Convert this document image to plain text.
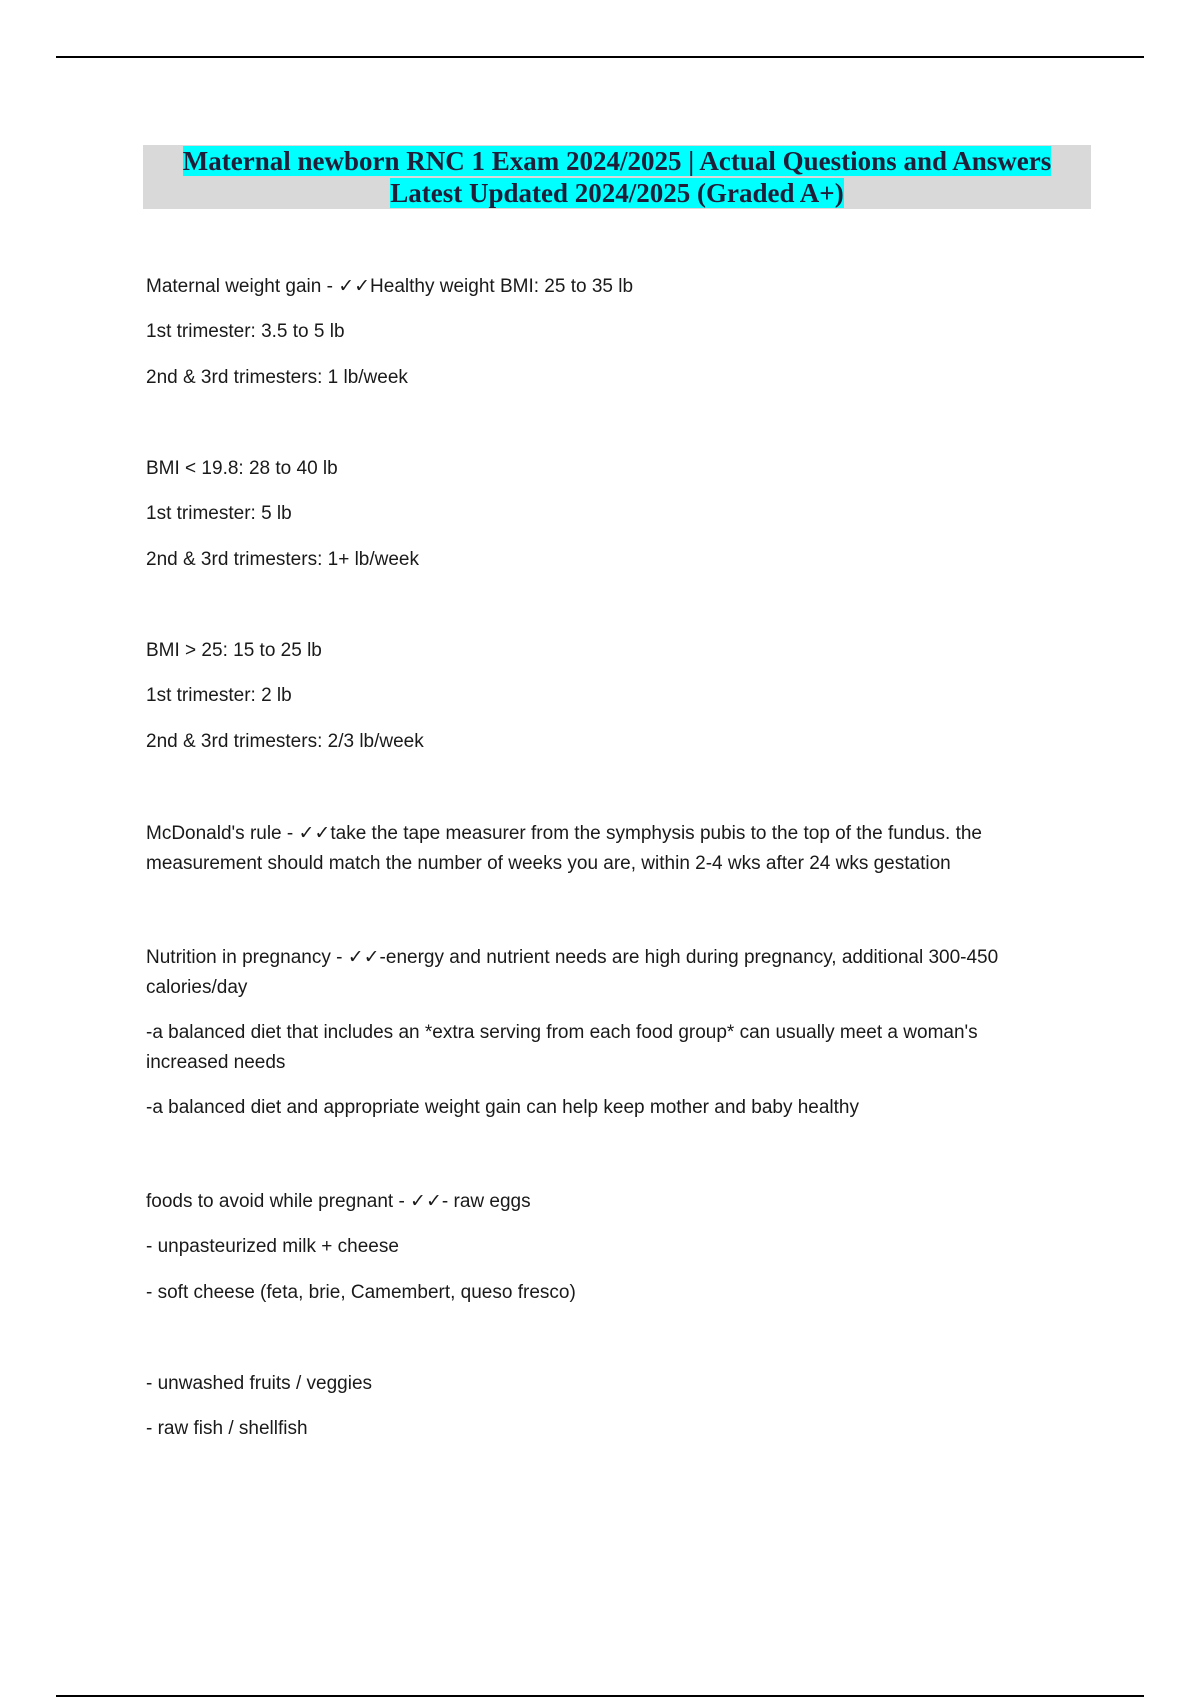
Maternal newborn RNC 1 Exam 2024/2025 | Actual Questions and Answers
Latest Updated 2024/2025 (Graded A+)
Maternal weight gain - ✓✓Healthy weight BMI: 25 to 35 lb
1st trimester: 3.5 to 5 lb
2nd & 3rd trimesters: 1 lb/week
BMI < 19.8: 28 to 40 lb
1st trimester: 5 lb
2nd & 3rd trimesters: 1+ lb/week
BMI > 25: 15 to 25 lb
1st trimester: 2 lb
2nd & 3rd trimesters: 2/3 lb/week
McDonald's rule - ✓✓take the tape measurer from the symphysis pubis to the top of the fundus. the
measurement should match the number of weeks you are, within 2-4 wks after 24 wks gestation
Nutrition in pregnancy - ✓✓-energy and nutrient needs are high during pregnancy, additional 300-450
calories/day
-a balanced diet that includes an *extra serving from each food group* can usually meet a woman's
increased needs
-a balanced diet and appropriate weight gain can help keep mother and baby healthy
foods to avoid while pregnant - ✓✓- raw eggs
- unpasteurized milk + cheese
- soft cheese (feta, brie, Camembert, queso fresco)
- unwashed fruits / veggies
- raw fish / shellfish
